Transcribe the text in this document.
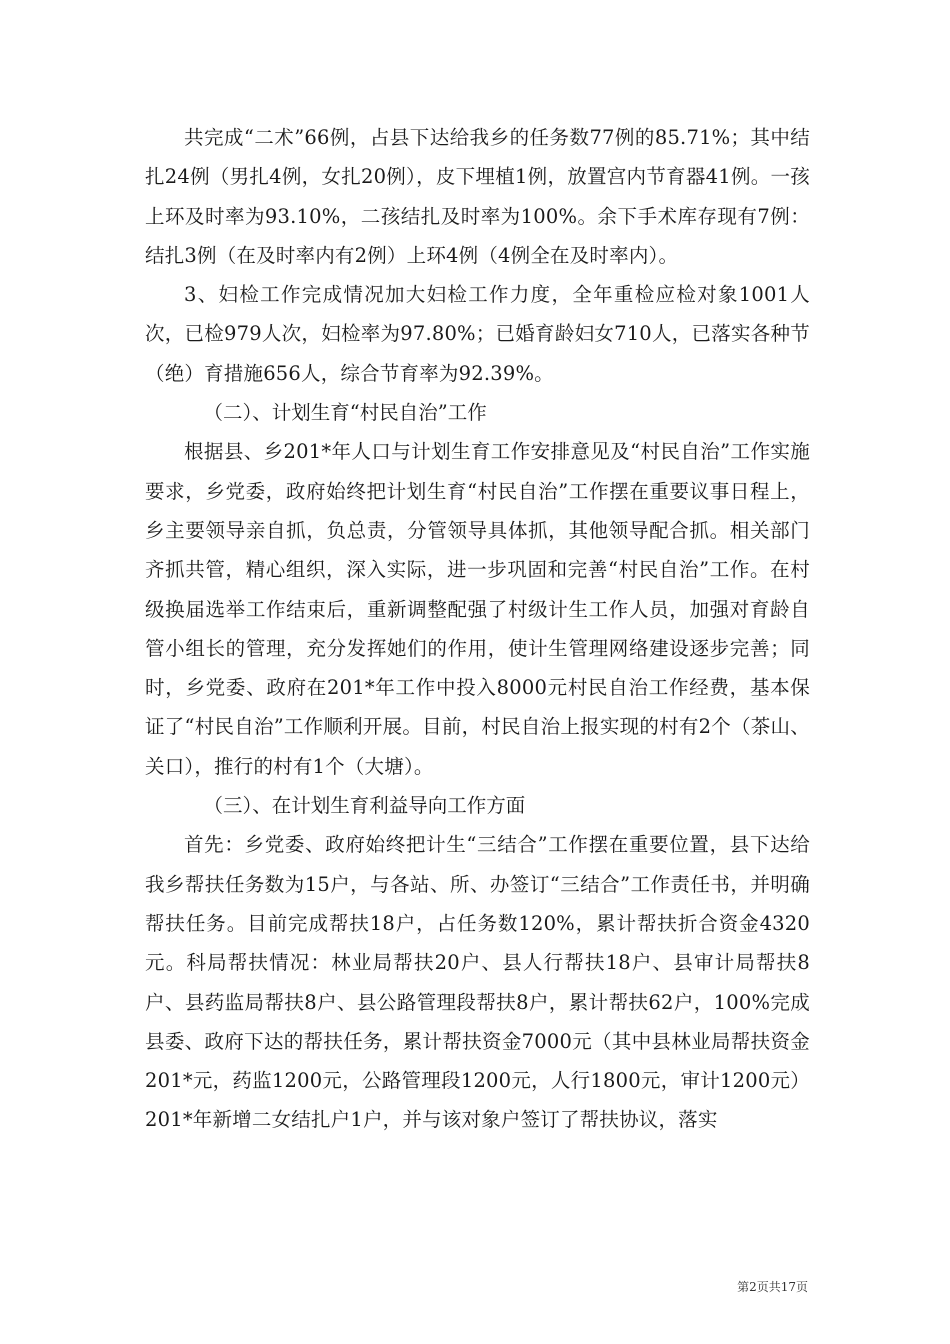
共完成“二术”66例，占县下达给我乡的任务数77例的85.71%；其中结扎24例（男扎4例，女扎20例），皮下埋植1例，放置宫内节育器41例。一孩上环及时率为93.10%，二孩结扎及时率为100%。余下手术库存现有7例：结扎3例（在及时率内有2例）上环4例（4例全在及时率内）。

3、妇检工作完成情况加大妇检工作力度，全年重检应检对象1001人次，已检979人次，妇检率为97.80%；已婚育龄妇女710人，已落实各种节（绝）育措施656人，综合节育率为92.39%。

（二）、计划生育“村民自治”工作

根据县、乡201*年人口与计划生育工作安排意见及“村民自治”工作实施要求，乡党委，政府始终把计划生育“村民自治”工作摆在重要议事日程上，乡主要领导亲自抓，负总责，分管领导具体抓，其他领导配合抓。相关部门齐抓共管，精心组织，深入实际，进一步巩固和完善“村民自治”工作。在村级换届选举工作结束后，重新调整配强了村级计生工作人员，加强对育龄自管小组长的管理，充分发挥她们的作用，使计生管理网络建设逐步完善；同时，乡党委、政府在201*年工作中投入8000元村民自治工作经费，基本保证了“村民自治”工作顺利开展。目前，村民自治上报实现的村有2个（茶山、关口），推行的村有1个（大塘）。

（三）、在计划生育利益导向工作方面

首先：乡党委、政府始终把计生“三结合”工作摆在重要位置，县下达给我乡帮扶任务数为15户，与各站、所、办签订“三结合”工作责任书，并明确帮扶任务。目前完成帮扶18户，占任务数120%，累计帮扶折合资金4320元。科局帮扶情况：林业局帮扶20户、县人行帮扶18户、县审计局帮扶8户、县药监局帮扶8户、县公路管理段帮扶8户，累计帮扶62户，100%完成县委、政府下达的帮扶任务，累计帮扶资金7000元（其中县林业局帮扶资金201*元，药监1200元，公路管理段1200元，人行1800元，审计1200元）201*年新增二女结扎户1户，并与该对象户签订了帮扶协议，落实

第2页共17页
